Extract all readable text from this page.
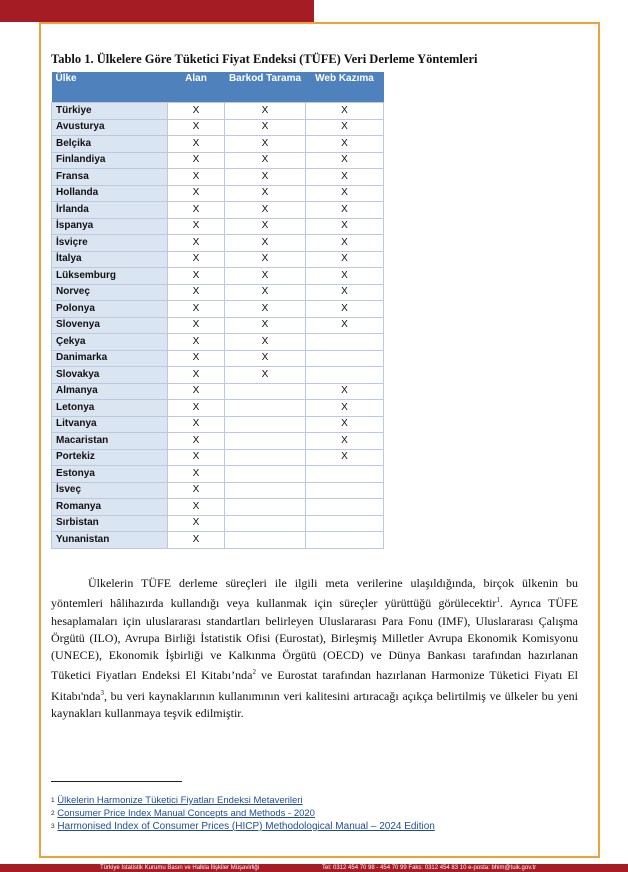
Tablo 1. Ülkelere Göre Tüketici Fiyat Endeksi (TÜFE) Veri Derleme Yöntemleri
Ülke	Alan	Barkod Tarama	Web Kazıma
Türkiye	X	X	X
Avusturya	X	X	X
Belçika	X	X	X
Finlandiya	X	X	X
Fransa	X	X	X
Hollanda	X	X	X
İrlanda	X	X	X
İspanya	X	X	X
İsviçre	X	X	X
İtalya	X	X	X
Lüksemburg	X	X	X
Norveç	X	X	X
Polonya	X	X	X
Slovenya	X	X	X
Çekya	X	X	
Danimarka	X	X	
Slovakya	X	X	
Almanya	X		X
Letonya	X		X
Litvanya	X		X
Macaristan	X		X
Portekiz	X		X
Estonya	X		
İsveç	X		
Romanya	X		
Sırbistan	X		
Yunanistan	X		

Ülkelerin TÜFE derleme süreçleri ile ilgili meta verilerine ulaşıldığında, birçok ülkenin bu yöntemleri hâlihazırda kullandığı veya kullanmak için süreçler yürüttüğü görülecektir$^1$. Ayrıca TÜFE hesaplamaları için uluslararası standartları belirleyen Uluslararası Para Fonu (IMF), Uluslararası Çalışma Örgütü (ILO), Avrupa Birliği İstatistik Ofisi (Eurostat), Birleşmiş Milletler Avrupa Ekonomik Komisyonu (UNECE), Ekonomik İşbirliği ve Kalkınma Örgütü (OECD) ve Dünya Bankası tarafından hazırlanan Tüketici Fiyatları Endeksi El Kitabı’nda$^2$ ve Eurostat tarafından hazırlanan Harmonize Tüketici Fiyatı El Kitabı'nda$^3$, bu veri kaynaklarının kullanımının veri kalitesini artıracağı açıkça belirtilmiş ve ülkeler bu yeni kaynakları kullanmaya teşvik edilmiştir.

$^1$ Ülkelerin Harmonize Tüketici Fiyatları Endeksi Metaverileri
$^2$ Consumer Price Index Manual Concepts and Methods - 2020
$^3$ Harmonised Index of Consumer Prices (HICP) Methodological Manual – 2024 Edition
Türkiye İstatistik Kurumu Basın ve Halkla İlişkiler Müşavirliği	Tel: 0312 454 70 98 - 454 70 99 Faks: 0312 454 83 10 e-posta: bhim@tuik.gov.tr
